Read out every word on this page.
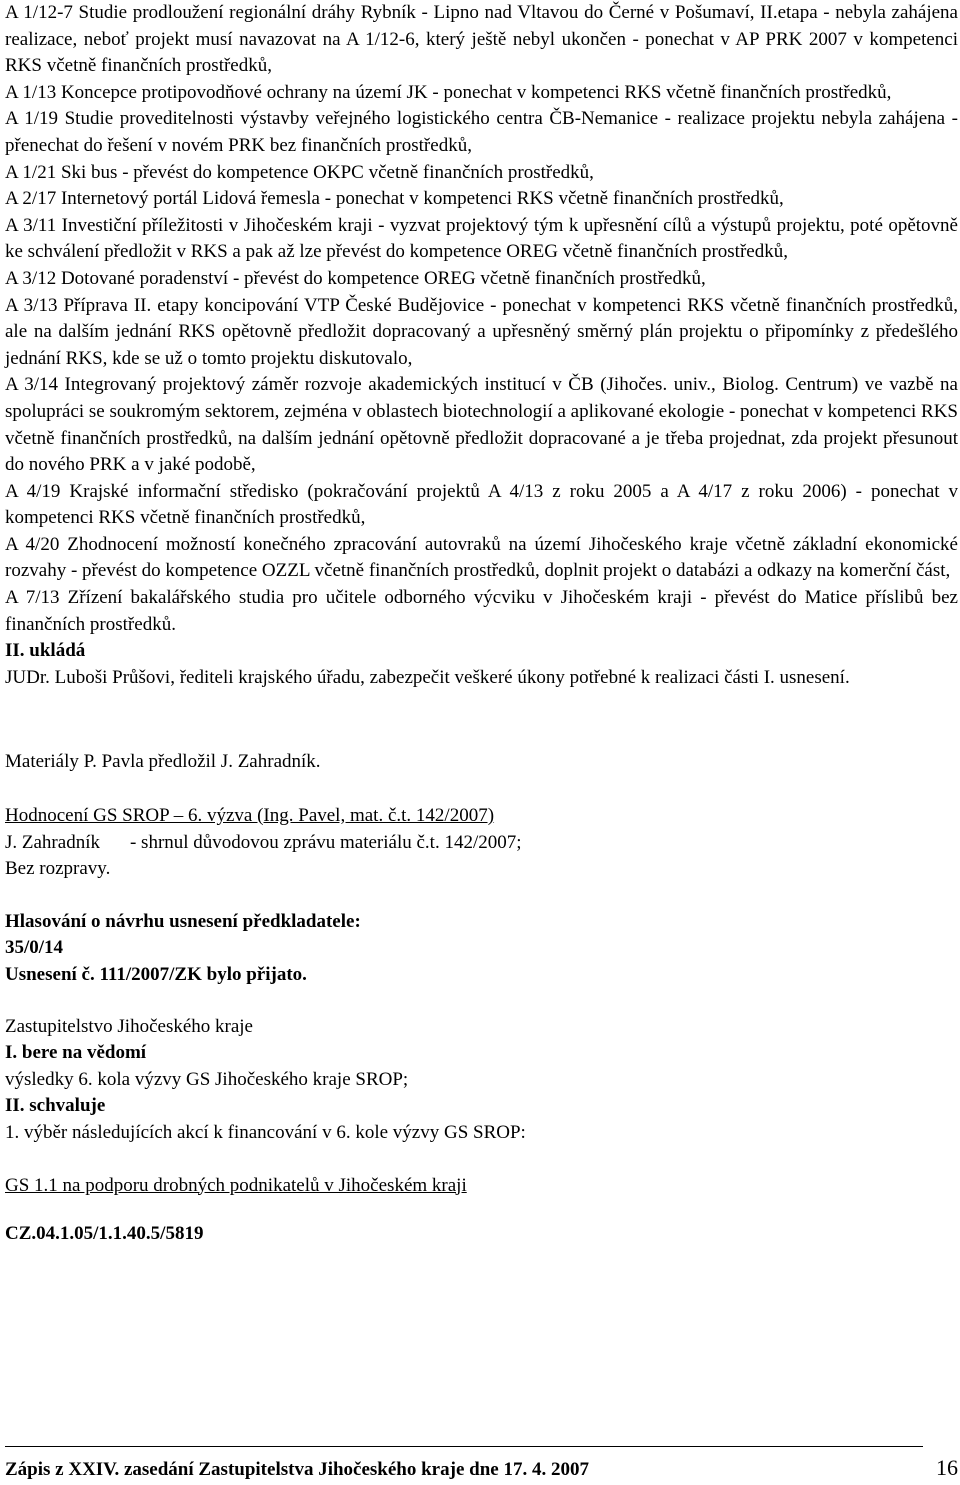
A 1/12-7 Studie prodloužení regionální dráhy Rybník - Lipno nad Vltavou do Černé v Pošumaví, II.etapa - nebyla zahájena realizace, neboť projekt musí navazovat na A 1/12-6, který ještě nebyl ukončen - ponechat v AP PRK 2007 v kompetenci RKS včetně finančních prostředků,

A 1/13 Koncepce protipovodňové ochrany na území JK - ponechat v kompetenci RKS včetně finančních prostředků,

A 1/19 Studie proveditelnosti výstavby veřejného logistického centra ČB-Nemanice - realizace projektu nebyla zahájena - přenechat do řešení v novém PRK bez finančních prostředků,

A 1/21 Ski bus - převést do kompetence OKPC včetně finančních prostředků,

A 2/17 Internetový portál Lidová řemesla - ponechat v kompetenci RKS včetně finančních prostředků,

A 3/11 Investiční příležitosti v Jihočeském kraji - vyzvat projektový tým k upřesnění cílů a výstupů projektu, poté opětovně ke schválení předložit v RKS a pak až lze převést do kompetence OREG včetně finančních prostředků,

A 3/12 Dotované poradenství - převést do kompetence OREG včetně finančních prostředků,

A 3/13 Příprava II. etapy koncipování VTP České Budějovice - ponechat v kompetenci RKS včetně finančních prostředků, ale na dalším jednání RKS opětovně předložit dopracovaný a upřesněný směrný plán projektu o připomínky z předešlého jednání RKS, kde se už o tomto projektu diskutovalo,

A 3/14 Integrovaný projektový záměr rozvoje akademických institucí v ČB (Jihočes. univ., Biolog. Centrum) ve vazbě na spolupráci se soukromým sektorem, zejména v oblastech biotechnologií a aplikované ekologie - ponechat v kompetenci RKS včetně finančních prostředků, na dalším jednání opětovně předložit dopracované a je třeba projednat, zda projekt přesunout do nového PRK a v jaké podobě,

A 4/19 Krajské informační středisko (pokračování projektů A 4/13 z roku 2005 a A 4/17 z roku 2006) - ponechat v kompetenci RKS včetně finančních prostředků,

A 4/20 Zhodnocení možností konečného zpracování autovraků na území Jihočeského kraje včetně základní ekonomické rozvahy - převést do kompetence OZZL včetně finančních prostředků, doplnit projekt o databázi a odkazy na komerční část,

A 7/13 Zřízení bakalářského studia pro učitele odborného výcviku v Jihočeském kraji - převést do Matice příslibů bez finančních prostředků.

II. ukládá

JUDr. Luboši Průšovi, řediteli krajského úřadu, zabezpečit veškeré úkony potřebné k realizaci části I. usnesení.

Materiály P. Pavla předložil J. Zahradník.

Hodnocení GS SROP – 6. výzva (Ing. Pavel, mat. č.t. 142/2007)

J. Zahradník - shrnul důvodovou zprávu materiálu č.t. 142/2007;

Bez rozpravy.

Hlasování o návrhu usnesení předkladatele:

35/0/14

Usnesení č. 111/2007/ZK bylo přijato.

Zastupitelstvo Jihočeského kraje

I. bere na vědomí

výsledky 6. kola výzvy GS Jihočeského kraje SROP;

II. schvaluje

1. výběr následujících akcí k financování v 6. kole výzvy GS SROP:

GS 1.1 na podporu drobných podnikatelů v Jihočeském kraji

CZ.04.1.05/1.1.40.5/5819

Zápis z XXIV. zasedání Zastupitelstva Jihočeského kraje dne 17. 4. 2007	16
